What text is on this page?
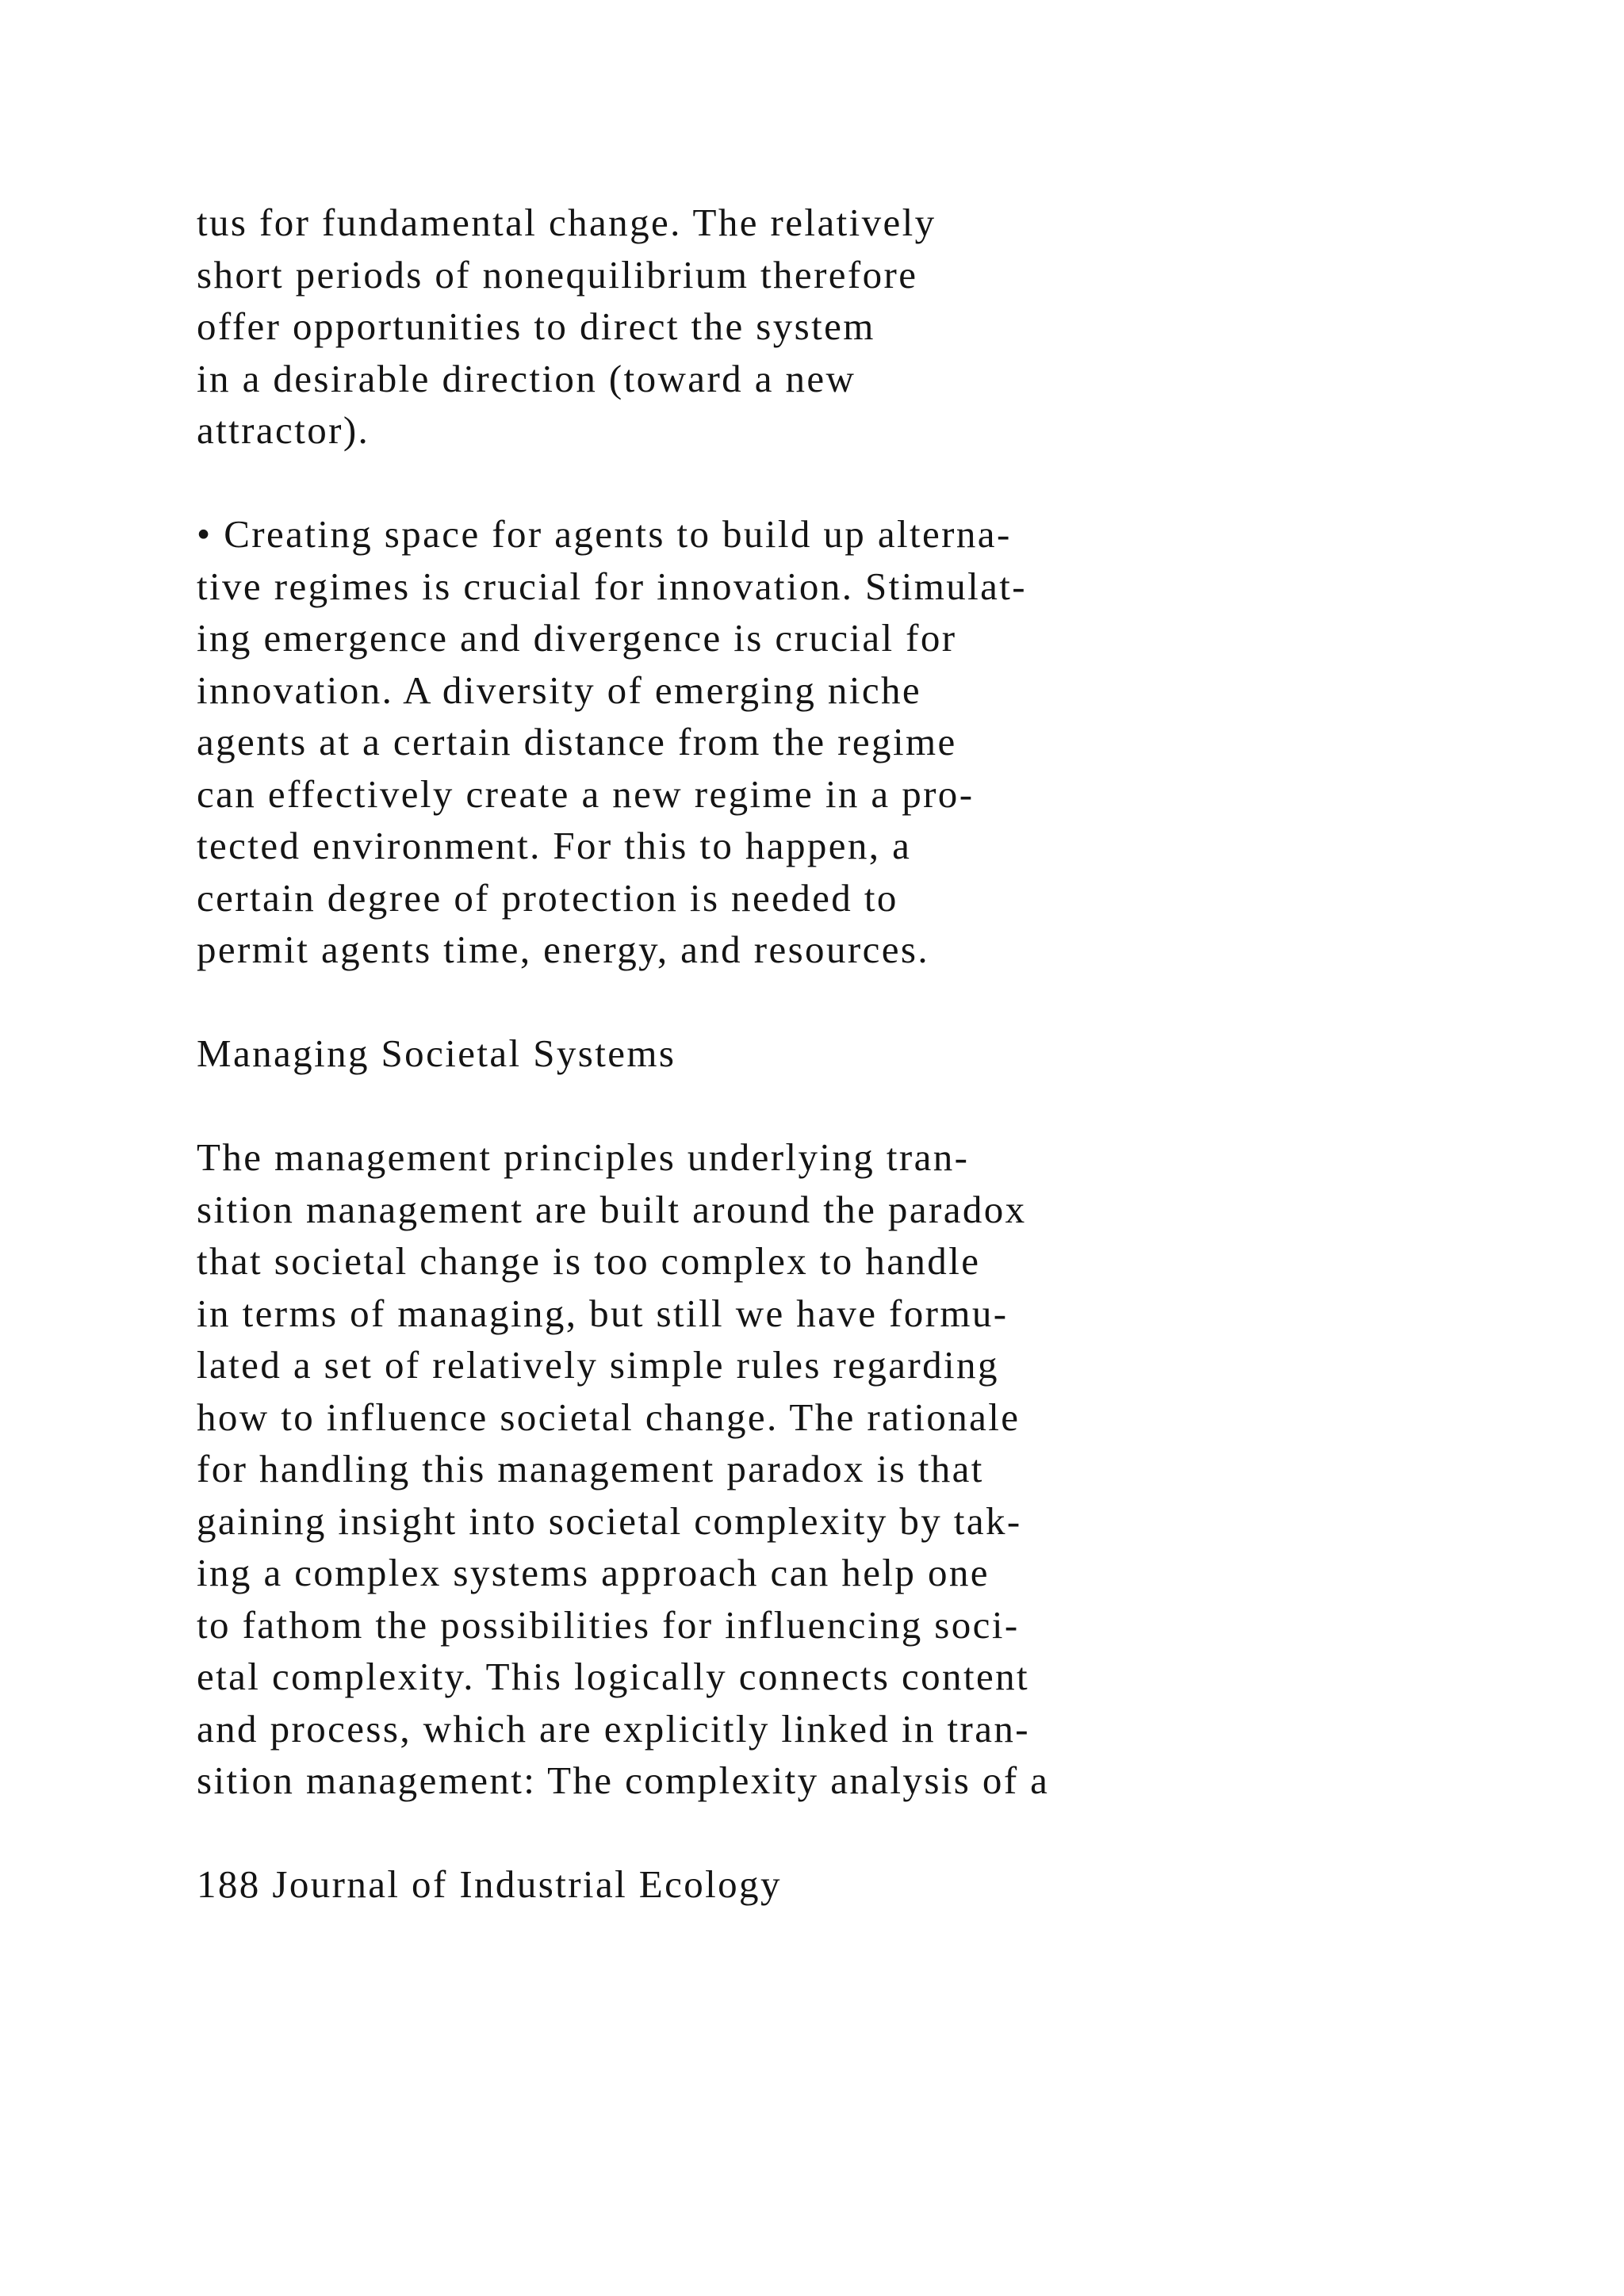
tus for fundamental change. The relatively
short periods of nonequilibrium therefore
offer opportunities to direct the system
in a desirable direction (toward a new
attractor).
• Creating space for agents to build up alterna-
tive regimes is crucial for innovation. Stimulat-
ing emergence and divergence is crucial for
innovation. A diversity of emerging niche
agents at a certain distance from the regime
can effectively create a new regime in a pro-
tected environment. For this to happen, a
certain degree of protection is needed to
permit agents time, energy, and resources.
Managing Societal Systems
The management principles underlying tran-
sition management are built around the paradox
that societal change is too complex to handle
in terms of managing, but still we have formu-
lated a set of relatively simple rules regarding
how to influence societal change. The rationale
for handling this management paradox is that
gaining insight into societal complexity by tak-
ing a complex systems approach can help one
to fathom the possibilities for influencing soci-
etal complexity. This logically connects content
and process, which are explicitly linked in tran-
sition management: The complexity analysis of a
188 Journal of Industrial Ecology
